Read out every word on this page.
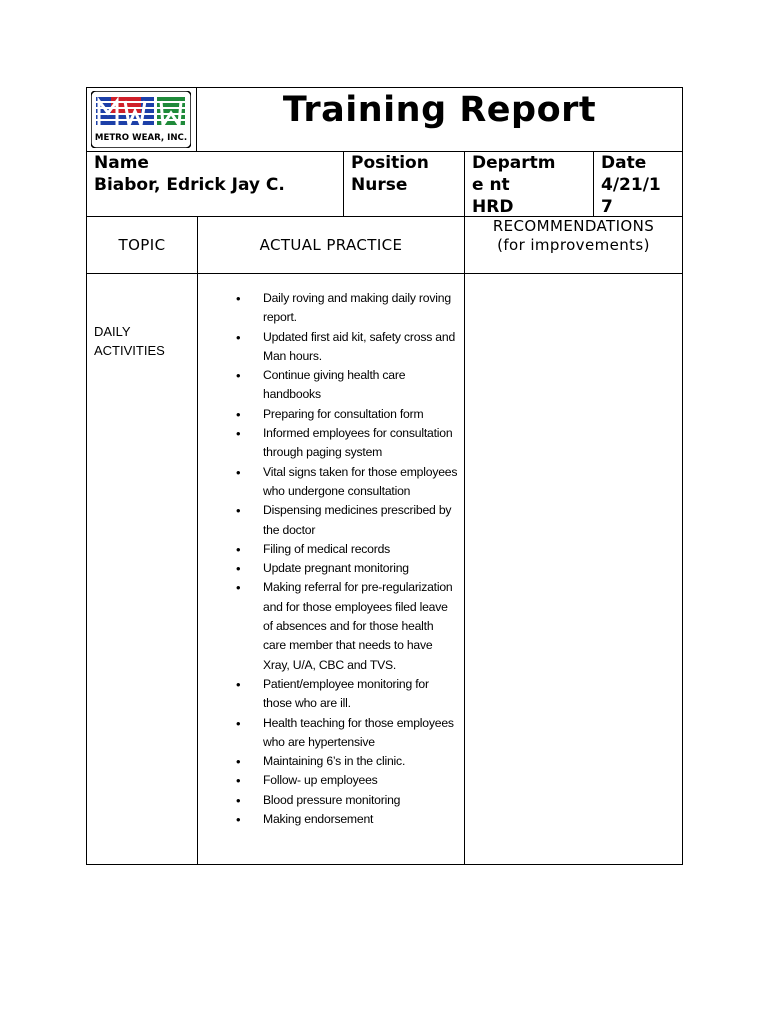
METRO WEAR, INC.
Training Report
Name
Biabor, Edrick Jay C.
Position
Nurse
Departme nt
HRD
Date
4/21/1 7
TOPIC	ACTUAL PRACTICE
RECOMMENDATIONS
(for improvements)
DAILY ACTIVITIES
• Daily roving and making daily roving report.
• Updated first aid kit, safety cross and Man hours.
• Continue giving health care handbooks
• Preparing for consultation form
• Informed employees for consultation through paging system
• Vital signs taken for those employees who undergone consultation
• Dispensing medicines prescribed by the doctor
• Filing of medical records
• Update pregnant monitoring
• Making referral for pre-regularization and for those employees filed leave of absences and for those health care member that needs to have Xray, U/A, CBC and TVS.
• Patient/employee monitoring for those who are ill.
• Health teaching for those employees who are hypertensive
• Maintaining 6’s in the clinic.
• Follow- up employees
• Blood pressure monitoring
• Making endorsement
